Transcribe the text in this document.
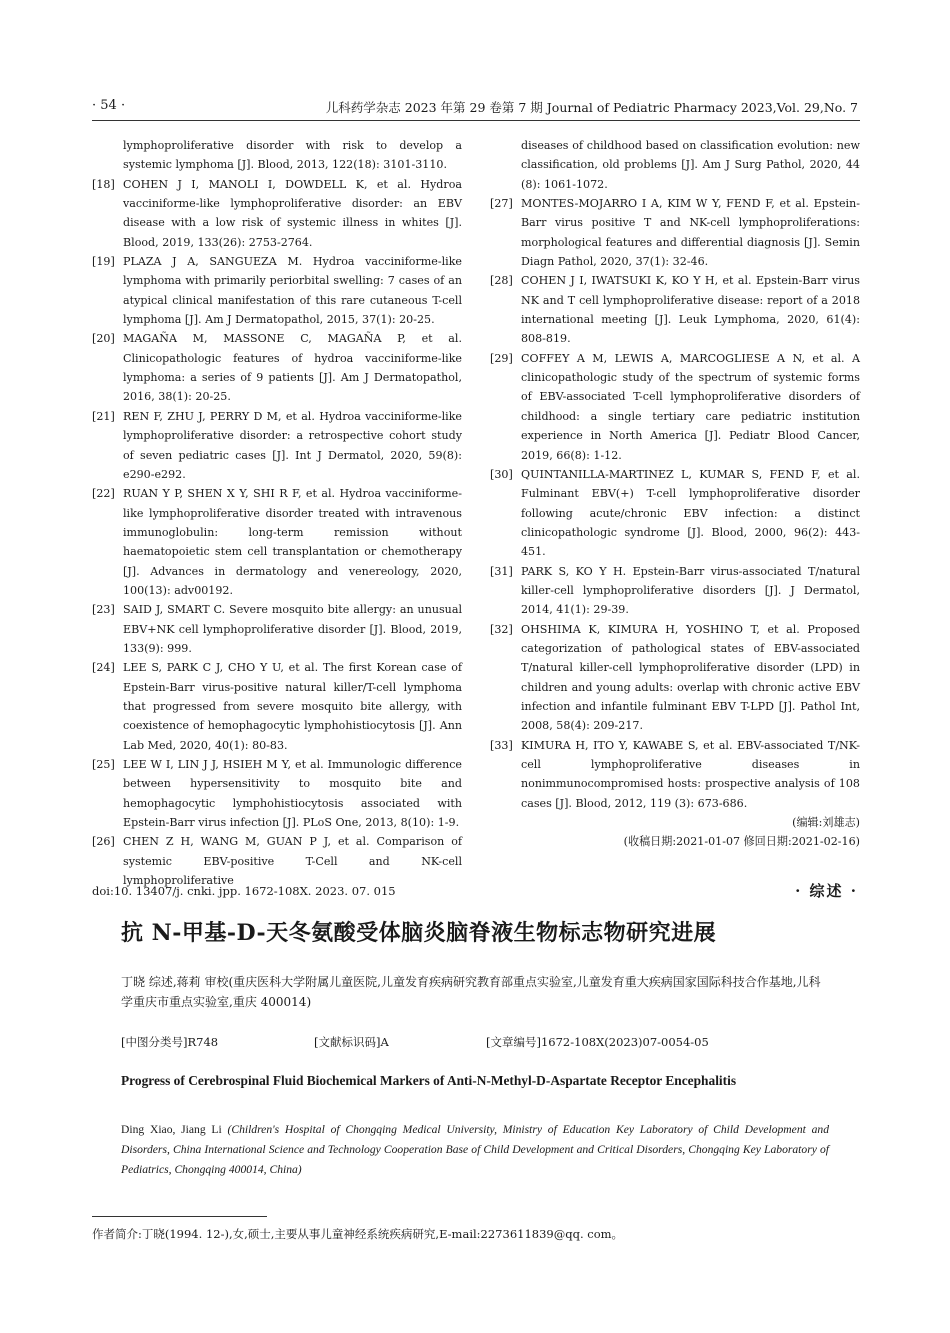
· 54 ·	儿科药学杂志 2023 年第 29 卷第 7 期 Journal of Pediatric Pharmacy 2023,Vol. 29,No. 7
lymphoproliferative disorder with risk to develop a systemic lymphoma [J]. Blood, 2013, 122(18): 3101-3110.
[18] COHEN J I, MANOLI I, DOWDELL K, et al. Hydroa vacciniforme-like lymphoproliferative disorder: an EBV disease with a low risk of systemic illness in whites [J]. Blood, 2019, 133(26): 2753-2764.
[19] PLAZA J A, SANGUEZA M. Hydroa vacciniforme-like lymphoma with primarily periorbital swelling: 7 cases of an atypical clinical manifestation of this rare cutaneous T-cell lymphoma [J]. Am J Dermatopathol, 2015, 37(1): 20-25.
[20] MAGAÑA M, MASSONE C, MAGAÑA P, et al. Clinicopathologic features of hydroa vacciniforme-like lymphoma: a series of 9 patients [J]. Am J Dermatopathol, 2016, 38(1): 20-25.
[21] REN F, ZHU J, PERRY D M, et al. Hydroa vacciniforme-like lymphoproliferative disorder: a retrospective cohort study of seven pediatric cases [J]. Int J Dermatol, 2020, 59(8): e290-e292.
[22] RUAN Y P, SHEN X Y, SHI R F, et al. Hydroa vacciniforme-like lymphoproliferative disorder treated with intravenous immunoglobulin: long-term remission without haematopoietic stem cell transplantation or chemotherapy [J]. Advances in dermatology and venereology, 2020, 100(13): adv00192.
[23] SAID J, SMART C. Severe mosquito bite allergy: an unusual EBV+NK cell lymphoproliferative disorder [J]. Blood, 2019, 133(9): 999.
[24] LEE S, PARK C J, CHO Y U, et al. The first Korean case of Epstein-Barr virus-positive natural killer/T-cell lymphoma that progressed from severe mosquito bite allergy, with coexistence of hemophagocytic lymphohistiocytosis [J]. Ann Lab Med, 2020, 40(1): 80-83.
[25] LEE W I, LIN J J, HSIEH M Y, et al. Immunologic difference between hypersensitivity to mosquito bite and hemophagocytic lymphohistiocytosis associated with Epstein-Barr virus infection [J]. PLoS One, 2013, 8(10): 1-9.
[26] CHEN Z H, WANG M, GUAN P J, et al. Comparison of systemic EBV-positive T-Cell and NK-cell lymphoproliferative
diseases of childhood based on classification evolution: new classification, old problems [J]. Am J Surg Pathol, 2020, 44 (8): 1061-1072.
[27] MONTES-MOJARRO I A, KIM W Y, FEND F, et al. Epstein-Barr virus positive T and NK-cell lymphoproliferations: morphological features and differential diagnosis [J]. Semin Diagn Pathol, 2020, 37(1): 32-46.
[28] COHEN J I, IWATSUKI K, KO Y H, et al. Epstein-Barr virus NK and T cell lymphoproliferative disease: report of a 2018 international meeting [J]. Leuk Lymphoma, 2020, 61(4): 808-819.
[29] COFFEY A M, LEWIS A, MARCOGLIESE A N, et al. A clinicopathologic study of the spectrum of systemic forms of EBV-associated T-cell lymphoproliferative disorders of childhood: a single tertiary care pediatric institution experience in North America [J]. Pediatr Blood Cancer, 2019, 66(8): 1-12.
[30] QUINTANILLA-MARTINEZ L, KUMAR S, FEND F, et al. Fulminant EBV(+) T-cell lymphoproliferative disorder following acute/chronic EBV infection: a distinct clinicopathologic syndrome [J]. Blood, 2000, 96(2): 443-451.
[31] PARK S, KO Y H. Epstein-Barr virus-associated T/natural killer-cell lymphoproliferative disorders [J]. J Dermatol, 2014, 41(1): 29-39.
[32] OHSHIMA K, KIMURA H, YOSHINO T, et al. Proposed categorization of pathological states of EBV-associated T/natural killer-cell lymphoproliferative disorder (LPD) in children and young adults: overlap with chronic active EBV infection and infantile fulminant EBV T-LPD [J]. Pathol Int, 2008, 58(4): 209-217.
[33] KIMURA H, ITO Y, KAWABE S, et al. EBV-associated T/NK-cell lymphoproliferative diseases in nonimmunocompromised hosts: prospective analysis of 108 cases [J]. Blood, 2012, 119 (3): 673-686.
(编辑:刘雄志)
(收稿日期:2021-01-07 修回日期:2021-02-16)
doi:10. 13407/j. cnki. jpp. 1672-108X. 2023. 07. 015	· 综述 ·
抗 N-甲基-D-天冬氨酸受体脑炎脑脊液生物标志物研究进展
丁晓 综述,蒋莉 审校(重庆医科大学附属儿童医院,儿童发育疾病研究教育部重点实验室,儿童发育重大疾病国家国际科技合作基地,儿科学重庆市重点实验室,重庆 400014)
[中图分类号]R748	[文献标识码]A	[文章编号]1672-108X(2023)07-0054-05
Progress of Cerebrospinal Fluid Biochemical Markers of Anti-N-Methyl-D-Aspartate Receptor Encephalitis
Ding Xiao, Jiang Li (Children's Hospital of Chongqing Medical University, Ministry of Education Key Laboratory of Child Development and Disorders, China International Science and Technology Cooperation Base of Child Development and Critical Disorders, Chongqing Key Laboratory of Pediatrics, Chongqing 400014, China)
作者简介:丁晓(1994. 12-),女,硕士,主要从事儿童神经系统疾病研究,E-mail:2273611839@qq. com。
